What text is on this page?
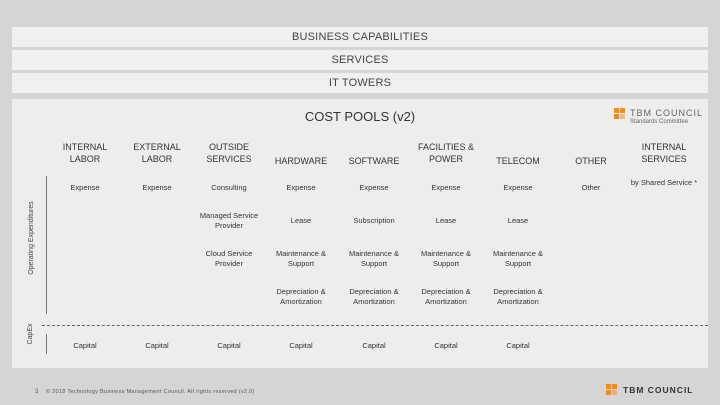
BUSINESS CAPABILITIES
SERVICES
IT TOWERS
COST POOLS (v2)	TBM COUNCIL
Standards Committee
Operating Expenditures
CapEx
INTERNAL LABOR
Expense
Capital
EXTERNAL LABOR
Expense
Capital
OUTSIDE SERVICES
Consulting
Managed Service Provider
Cloud Service Provider
Capital
HARDWARE
Expense
Lease
Maintenance & Support
Depreciation & Amortization
Capital
SOFTWARE
Expense
Subscription
Maintenance & Support
Depreciation & Amortization
Capital
FACILITIES & POWER
Expense
Lease
Maintenance & Support
Depreciation & Amortization
Capital
TELECOM
Expense
Lease
Maintenance & Support
Depreciation & Amortization
Capital
OTHER
Other
INTERNAL SERVICES
by Shared Service *
3 © 2018 Technology Business Management Council. All rights reserved (v2.0)	TBM COUNCIL
